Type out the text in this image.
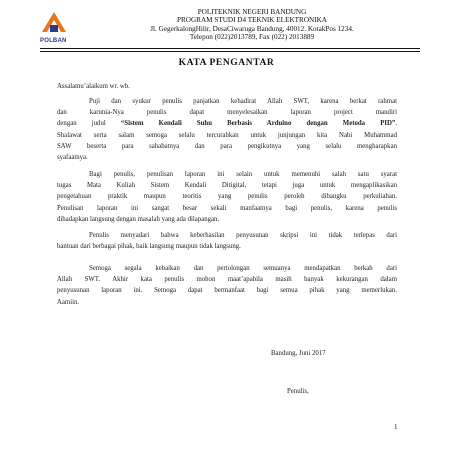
POLBAN
POLITEKNIK NEGERI BANDUNG
PROGRAM STUDI D4 TEKNIK ELEKTRONIKA
Jl. GegerkalongHilir, DesaCiwaruga Bandung, 40012. KotakPos 1234.
Telepon (022)2013789, Fax (022) 2013889
KATA PENGANTAR
Assalamu’alaikum wr. wb.
Puji dan syukur penulis panjatkan kehadirat Allah SWT, karena berkat rahmat
dan karunia-Nya penulis dapat menyelesaikan laporan project mandiri
dengan judul “Sistem Kendali Suhu Berbasis Arduino dengan Metoda PID”.
Shalawat serta salam semoga selalu tercurahkan untuk junjungan kita Nabi Muhammad
SAW beserta para sahabatnya dan para pengikutnya yang selalu mengharapkan
syafaatnya.
Bagi penulis, penulisan laporan ini selain untuk memenuhi salah satu syarat
tugas Mata Kuliah Sistem Kendali Ditigital, tetapi juga untuk mengaplikasikan
pengetahuan praktik maupun teoritis yang penulis peroleh dibangku perkuliahan.
Penulisan laporan ini sangat besar sekali manfaatnya bagi penulis, karena penulis
dihadapkan langsung dengan masalah yang ada dilapangan.
Penulis menyadari bahwa keberhasilan penyusunan skripsi ini tidak terlepas dari
bantuan dari berbagai pihak, baik langsung maupun tidak langsung.
Semoga segala kebaikan dan pertolongan semuanya mendapatkan berkah dari
Allah SWT. Akhir kata penulis mohon maat’apabila masih banyak kekurangan dalam
penyusunan laporan ini. Semoga dapat bermanfaat bagi semua pihak yang memerlukan.
Aamiin.
Bandung, Juni 2017
Penulis,
1
